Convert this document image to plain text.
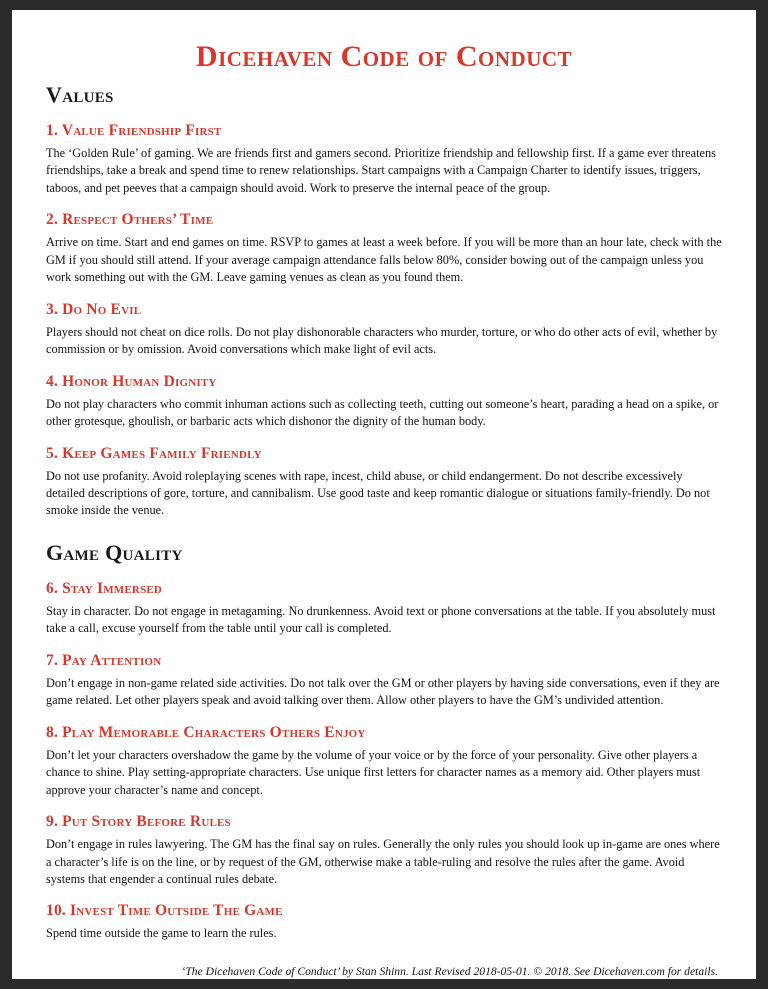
Dicehaven Code of Conduct
Values
1. Value Friendship First

The ‘Golden Rule’ of gaming. We are friends first and gamers second. Prioritize friendship and fellowship first. If a game ever threatens friendships, take a break and spend time to renew relationships. Start campaigns with a Campaign Charter to identify issues, triggers, taboos, and pet peeves that a campaign should avoid. Work to preserve the internal peace of the group.

2. Respect Others’ Time

Arrive on time. Start and end games on time. RSVP to games at least a week before. If you will be more than an hour late, check with the GM if you should still attend. If your average campaign attendance falls below 80%, consider bowing out of the campaign unless you work something out with the GM. Leave gaming venues as clean as you found them.

3. Do No Evil

Players should not cheat on dice rolls. Do not play dishonorable characters who murder, torture, or who do other acts of evil, whether by commission or by omission. Avoid conversations which make light of evil acts.

4. Honor Human Dignity

Do not play characters who commit inhuman actions such as collecting teeth, cutting out someone’s heart, parading a head on a spike, or other grotesque, ghoulish, or barbaric acts which dishonor the dignity of the human body.

5. Keep Games Family Friendly

Do not use profanity. Avoid roleplaying scenes with rape, incest, child abuse, or child endangerment. Do not describe excessively detailed descriptions of gore, torture, and cannibalism. Use good taste and keep romantic dialogue or situations family-friendly. Do not smoke inside the venue.

Game Quality
6. Stay Immersed

Stay in character. Do not engage in metagaming. No drunkenness. Avoid text or phone conversations at the table. If you absolutely must take a call, excuse yourself from the table until your call is completed.

7. Pay Attention

Don’t engage in non-game related side activities. Do not talk over the GM or other players by having side conversations, even if they are game related. Let other players speak and avoid talking over them. Allow other players to have the GM’s undivided attention.

8. Play Memorable Characters Others Enjoy

Don’t let your characters overshadow the game by the volume of your voice or by the force of your personality. Give other players a chance to shine. Play setting-appropriate characters. Use unique first letters for character names as a memory aid. Other players must approve your character’s name and concept.

9. Put Story Before Rules

Don’t engage in rules lawyering. The GM has the final say on rules. Generally the only rules you should look up in-game are ones where a character’s life is on the line, or by request of the GM, otherwise make a table-ruling and resolve the rules after the game. Avoid systems that engender a continual rules debate.

10. Invest Time Outside The Game

Spend time outside the game to learn the rules.

‘The Dicehaven Code of Conduct’ by Stan Shinn. Last Revised 2018-05-01. © 2018. See Dicehaven.com for details.
